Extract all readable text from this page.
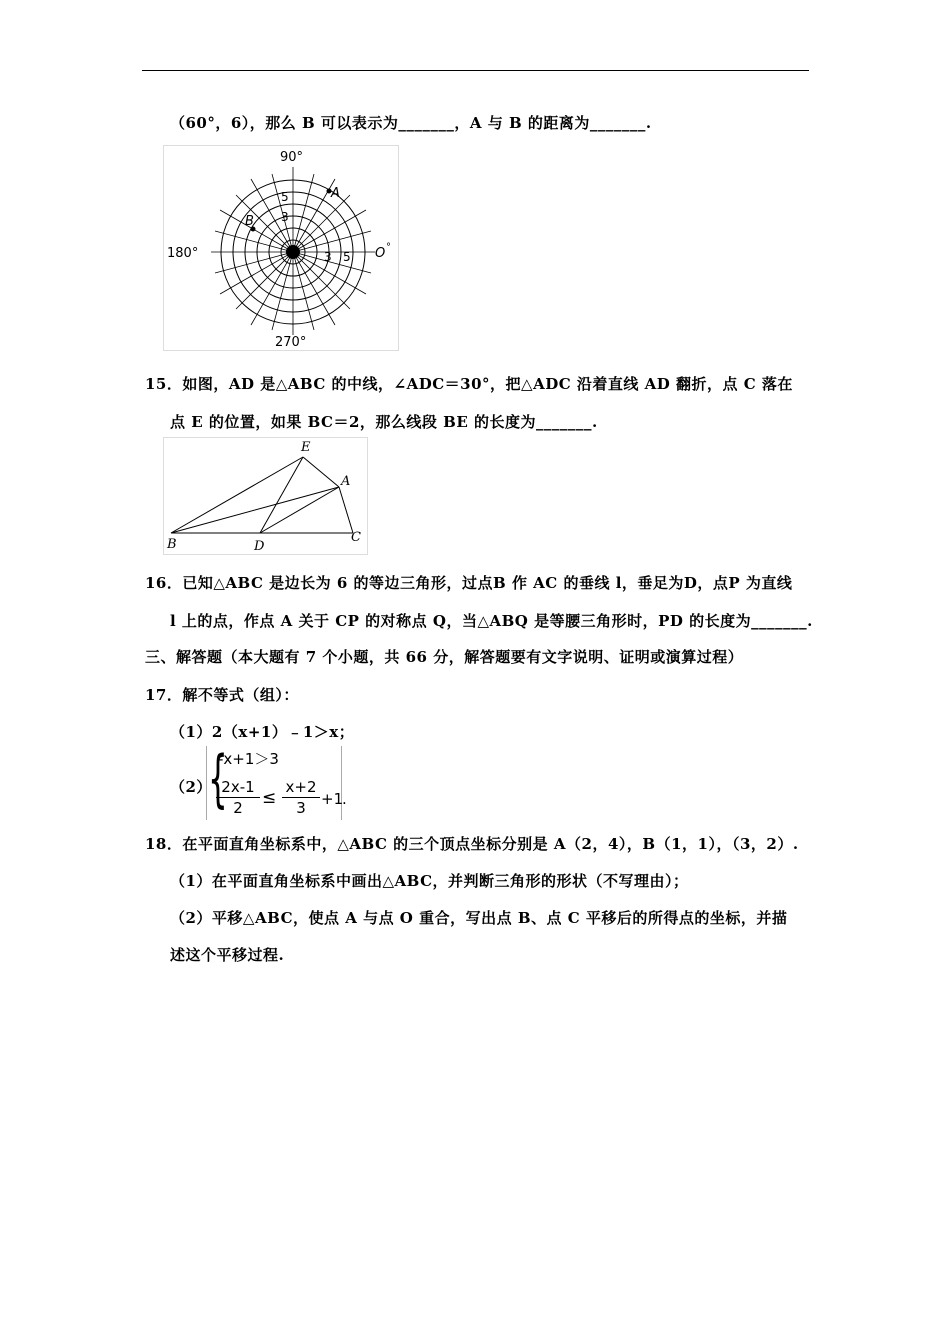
（60°，6），那么 B 可以表示为_______，A 与 B 的距离为_______.
90°
180°	O °
270°
A
B
5
3
3 5
15．如图，AD 是△ABC 的中线，∠ADC＝30°，把△ADC 沿着直线 AD 翻折，点 C 落在
点 E 的位置，如果 BC＝2，那么线段 BE 的长度为_______.
E
A
B	D
C
16．已知△ABC 是边长为 6 的等边三角形，过点B 作 AC 的垂线 l，垂足为D，点P 为直线
l 上的点，作点 A 关于 CP 的对称点 Q，当△ABQ 是等腰三角形时，PD 的长度为_______.
三、解答题（本大题有 7 个小题，共 66 分，解答题要有文字说明、证明或演算过程）
17．解不等式（组）：
（1）2（x+1）﹣1＞x；
（2）
{
-x+1＞3
2x-1
2	≤
x+2
3	+1
.
18．在平面直角坐标系中，△ABC 的三个顶点坐标分别是 A（2，4），B（1，1），（3，2）.
（1）在平面直角坐标系中画出△ABC，并判断三角形的形状（不写理由）；
（2）平移△ABC，使点 A 与点 O 重合，写出点 B、点 C 平移后的所得点的坐标，并描
述这个平移过程.
